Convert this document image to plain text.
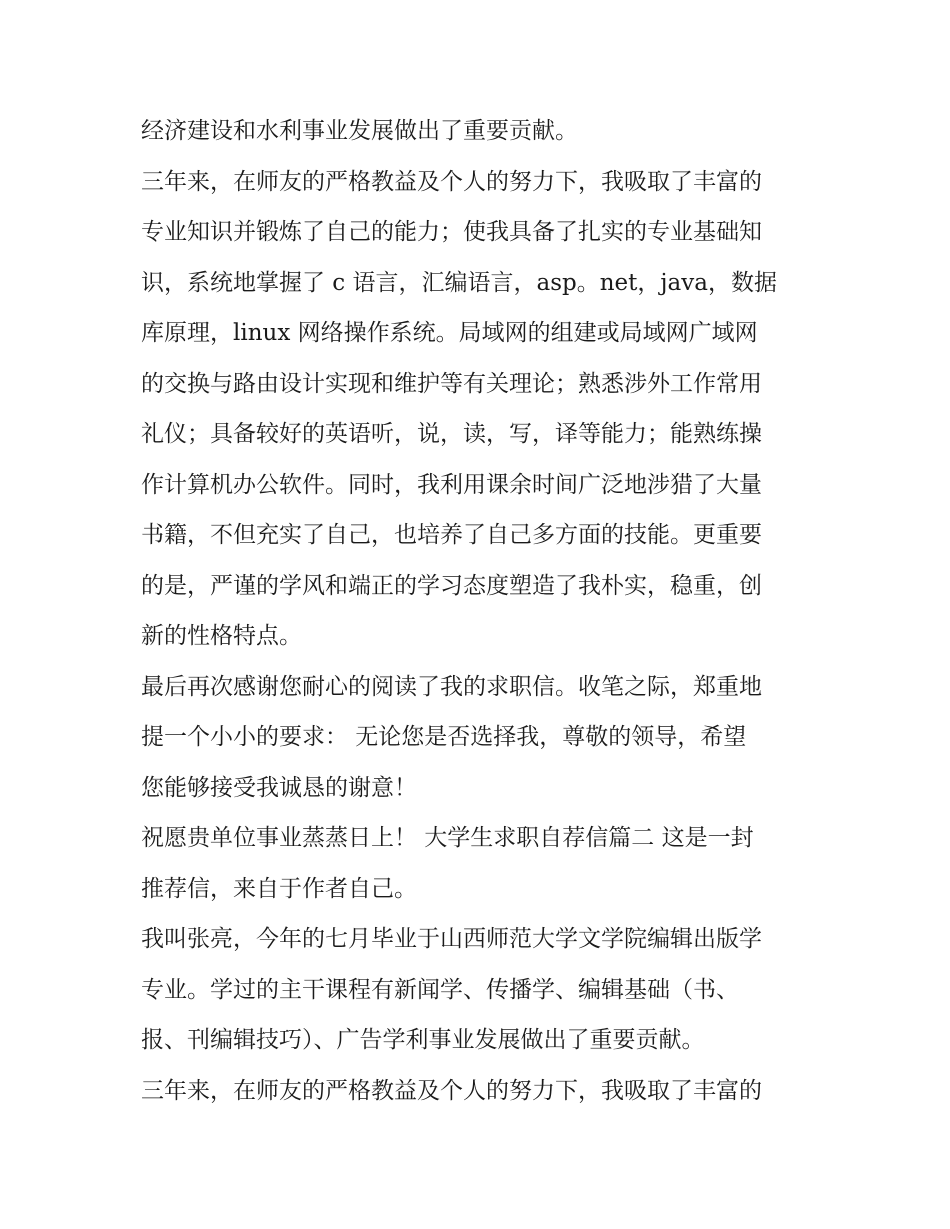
经济建设和水利事业发展做出了重要贡献。
三年来，在师友的严格教益及个人的努力下，我吸取了丰富的
专业知识并锻炼了自己的能力；使我具备了扎实的专业基础知
识，系统地掌握了 c 语言，汇编语言，asp。net，java，数据
库原理，linux 网络操作系统。局域网的组建或局域网广域网
的交换与路由设计实现和维护等有关理论；熟悉涉外工作常用
礼仪；具备较好的英语听，说，读，写，译等能力；能熟练操
作计算机办公软件。同时，我利用课余时间广泛地涉猎了大量
书籍，不但充实了自己，也培养了自己多方面的技能。更重要
的是，严谨的学风和端正的学习态度塑造了我朴实，稳重，创
新的性格特点。
最后再次感谢您耐心的阅读了我的求职信。收笔之际，郑重地
提一个小小的要求： 无论您是否选择我，尊敬的领导，希望
您能够接受我诚恳的谢意！
祝愿贵单位事业蒸蒸日上！ 大学生求职自荐信篇二 这是一封
推荐信，来自于作者自己。
我叫张亮，今年的七月毕业于山西师范大学文学院编辑出版学
专业。学过的主干课程有新闻学、传播学、编辑基础（书、
报、刊编辑技巧）、广告学利事业发展做出了重要贡献。
三年来，在师友的严格教益及个人的努力下，我吸取了丰富的
